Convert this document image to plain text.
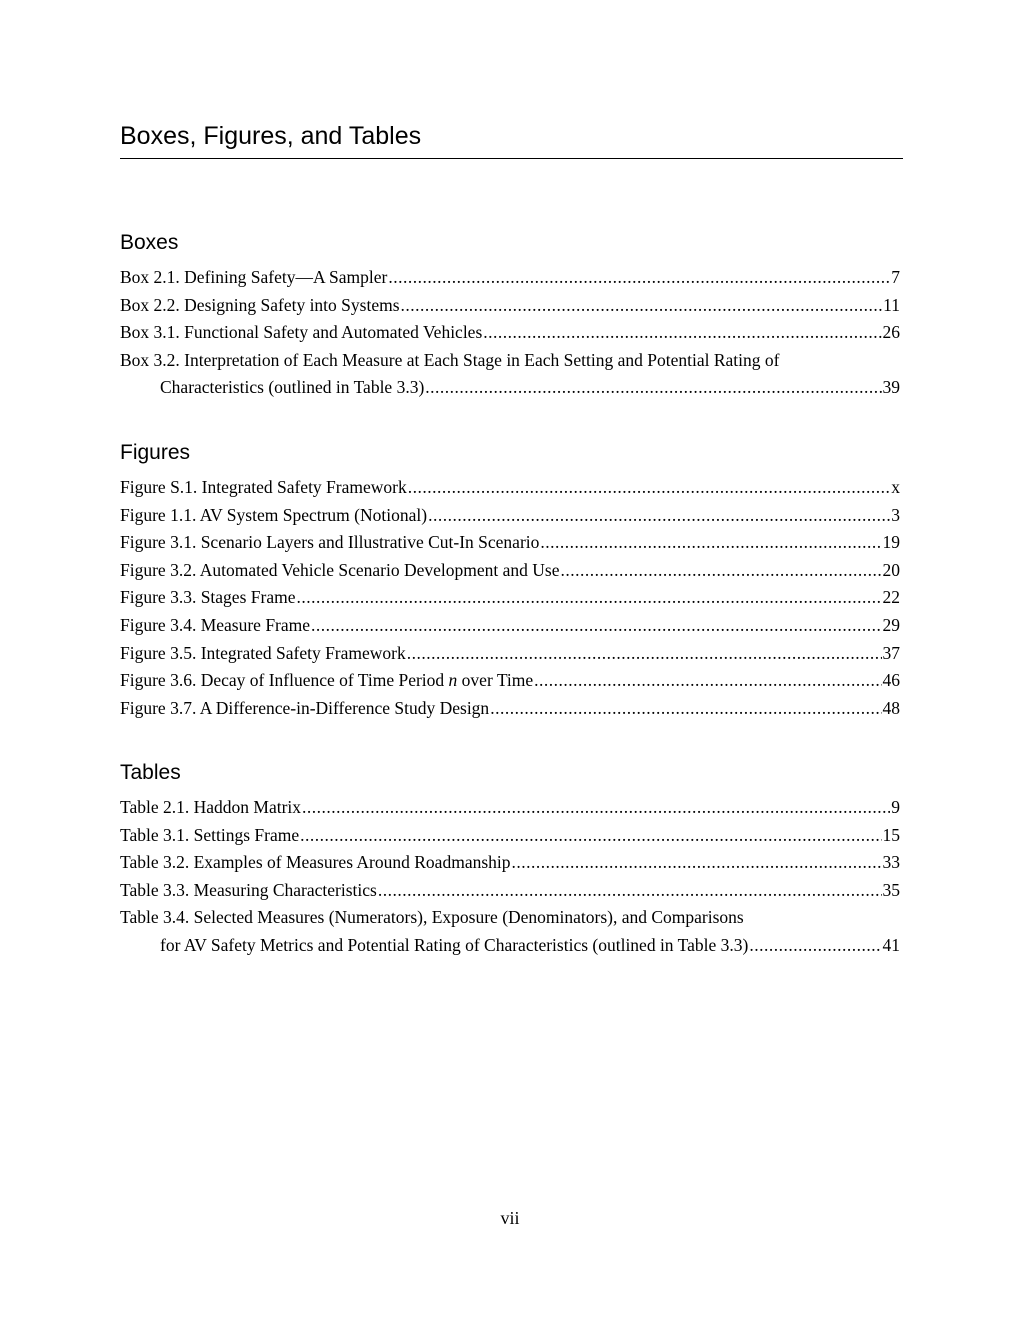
Boxes, Figures, and Tables
Boxes
Box 2.1. Defining Safety—A Sampler .....	7
Box 2.2. Designing Safety into Systems .....	11
Box 3.1. Functional Safety and Automated Vehicles .....	26
Box 3.2. Interpretation of Each Measure at Each Stage in Each Setting and Potential Rating of
Characteristics (outlined in Table 3.3) .....	39
Figures
Figure S.1. Integrated Safety Framework .....	x
Figure 1.1. AV System Spectrum (Notional) .....	3
Figure 3.1. Scenario Layers and Illustrative Cut-In Scenario .....	19
Figure 3.2. Automated Vehicle Scenario Development and Use .....	20
Figure 3.3. Stages Frame .....	22
Figure 3.4. Measure Frame .....	29
Figure 3.5. Integrated Safety Framework .....	37
Figure 3.6. Decay of Influence of Time Period n over Time .....	46
Figure 3.7. A Difference-in-Difference Study Design .....	48
Tables
Table 2.1. Haddon Matrix .....	9
Table 3.1. Settings Frame .....	15
Table 3.2. Examples of Measures Around Roadmanship .....	33
Table 3.3. Measuring Characteristics .....	35
Table 3.4. Selected Measures (Numerators), Exposure (Denominators), and Comparisons
for AV Safety Metrics and Potential Rating of Characteristics (outlined in Table 3.3) .....	41
vii
